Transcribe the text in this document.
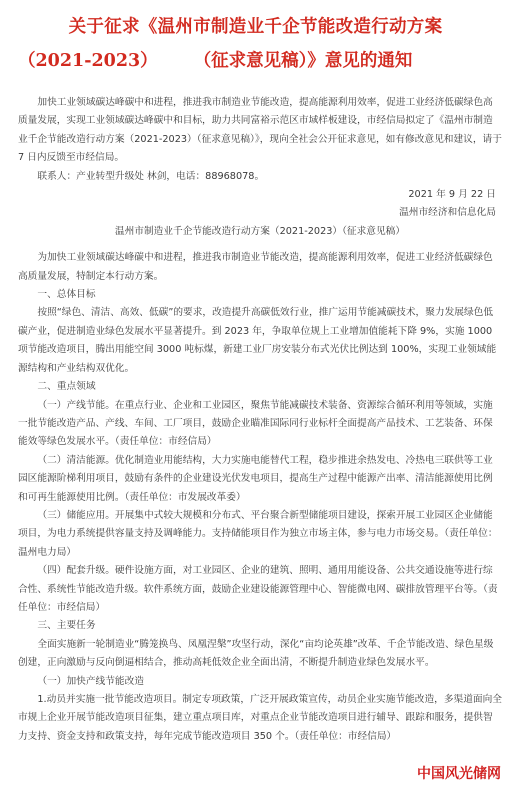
关于征求《温州市制造业千企节能改造行动方案
（2021-2023） （征求意见稿）》意见的通知

加快工业领域碳达峰碳中和进程，推进我市制造业节能改造，提高能源利用效率，促进工业经济低碳绿色高质量发展，实现工业领域碳达峰碳中和目标，助力共同富裕示范区市域样板建设，市经信局拟定了《温州市制造业千企节能改造行动方案（2021-2023）（征求意见稿）》，现向全社会公开征求意见，如有修改意见和建议，请于 7 日内反馈至市经信局。

联系人：产业转型升级处 林剑，电话：88968078。

2021 年 9 月 22 日

温州市经济和信息化局

温州市制造业千企节能改造行动方案（2021-2023）（征求意见稿）

为加快工业领域碳达峰碳中和进程，推进我市制造业节能改造，提高能源利用效率，促进工业经济低碳绿色高质量发展，特制定本行动方案。

一、总体目标

按照“绿色、清洁、高效、低碳”的要求，改造提升高碳低效行业，推广运用节能减碳技术，聚力发展绿色低碳产业，促进制造业绿色发展水平显著提升。到 2023 年，争取单位规上工业增加值能耗下降 9%，实施 1000 项节能改造项目，腾出用能空间 3000 吨标煤，新建工业厂房安装分布式光伏比例达到 100%，实现工业领域能源结构和产业结构双优化。

二、重点领域

（一）产线节能。在重点行业、企业和工业园区，聚焦节能减碳技术装备、资源综合循环利用等领域，实施一批节能改造产品、产线、车间、工厂项目，鼓励企业瞄准国际同行业标杆全面提高产品技术、工艺装备、环保能效等绿色发展水平。（责任单位：市经信局）

（二）清洁能源。优化制造业用能结构，大力实施电能替代工程，稳步推进余热发电、冷热电三联供等工业园区能源阶梯利用项目，鼓励有条件的企业建设光伏发电项目，提高生产过程中能源产出率、清洁能源使用比例和可再生能源使用比例。（责任单位：市发展改革委）

（三）储能应用。开展集中式较大规模和分布式、平台聚合新型储能项目建设，探索开展工业园区企业储能项目，为电力系统提供容量支持及调峰能力。支持储能项目作为独立市场主体，参与电力市场交易。（责任单位：温州电力局）

（四）配套升级。硬件设施方面，对工业园区、企业的建筑、照明、通用用能设备、公共交通设施等进行综合性、系统性节能改造升级。软件系统方面，鼓励企业建设能源管理中心、智能微电网、碳排放管理平台等。（责任单位：市经信局）

三、主要任务

全面实施新一轮制造业“腾笼换鸟、凤凰涅槃”攻坚行动，深化“亩均论英雄”改革、千企节能改造、绿色星级创建，正向激励与反向倒逼相结合，推动高耗低效企业全面出清，不断提升制造业绿色发展水平。

（一）加快产线节能改造

1.动员并实施一批节能改造项目。制定专项政策，广泛开展政策宣传，动员企业实施节能改造，多渠道面向全市规上企业开展节能改造项目征集，建立重点项目库，对重点企业节能改造项目进行辅导、跟踪和服务，提供智力支持、资金支持和政策支持，每年完成节能改造项目 350 个。（责任单位：市经信局）

中国风光储网
